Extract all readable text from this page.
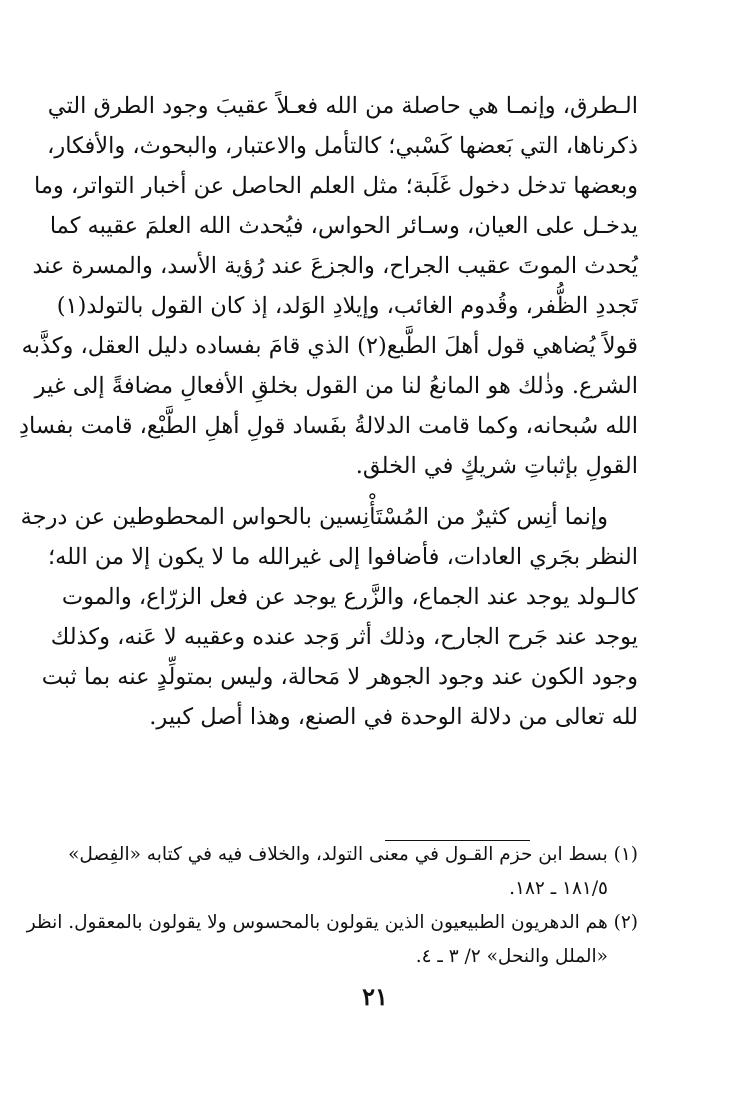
الـطرق، وإنمـا هي حاصلة من الله فعـلاً عقيبَ وجود الطرق التي
ذكرناها، التي بَعضها كَسْبي؛ كالتأمل والاعتبار، والبحوث، والأفكار،
وبعضها تدخل دخول غَلَبة؛ مثل العلم الحاصل عن أخبار التواتر، وما
يدخـل على العيان، وسـائر الحواس، فيُحدث الله العلمَ عقيبه كما
يُحدث الموتَ عقيب الجراح، والجزعَ عند رُؤية الأسد، والمسرة عند
تَجددِ الظُّفر، وقُدوم الغائب، وإيلادِ الوَلد، إذ كان القول بالتولد(١)
قولاً يُضاهي قول أهلَ الطَّبع(٢) الذي قامَ بفساده دليل العقل، وكذَّبه
الشرع. وذٰلك هو المانعُ لنا من القول بخلقِ الأفعالِ مضافةً إلى غير
الله سُبحانه، وكما قامت الدلالةُ بفَساد قولِ أهلِ الطَّبْع، قامت بفسادِ
القولِ بإثباتِ شريكٍ في الخلق.
وإنما أنِس كثيرٌ من المُسْتَأْنِسين بالحواس المحطوطين عن درجة
النظر بجَري العادات، فأضافوا إلى غيرالله ما لا يكون إلا من الله؛
كالـولد يوجد عند الجماع، والزَّرع يوجد عن فعل الزرّاع، والموت
يوجد عند جَرح الجارح، وذلك أثر وَجد عنده وعقيبه لا عَنه، وكذلك
وجود الكون عند وجود الجوهر لا مَحالة، وليس بمتولِّدٍ عنه بما ثبت
لله تعالى من دلالة الوحدة في الصنع، وهذا أصل كبير.
(١) بسط ابن حزم القـول في معنى التولد، والخلاف فيه في كتابه «الفِصل»
١٨١/٥ ـ ١٨٢.
(٢) هم الدهريون الطبيعيون الذين يقولون بالمحسوس ولا يقولون بالمعقول. انظر
«الملل والنحل» ٢/ ٣ ـ ٤.
٢١
